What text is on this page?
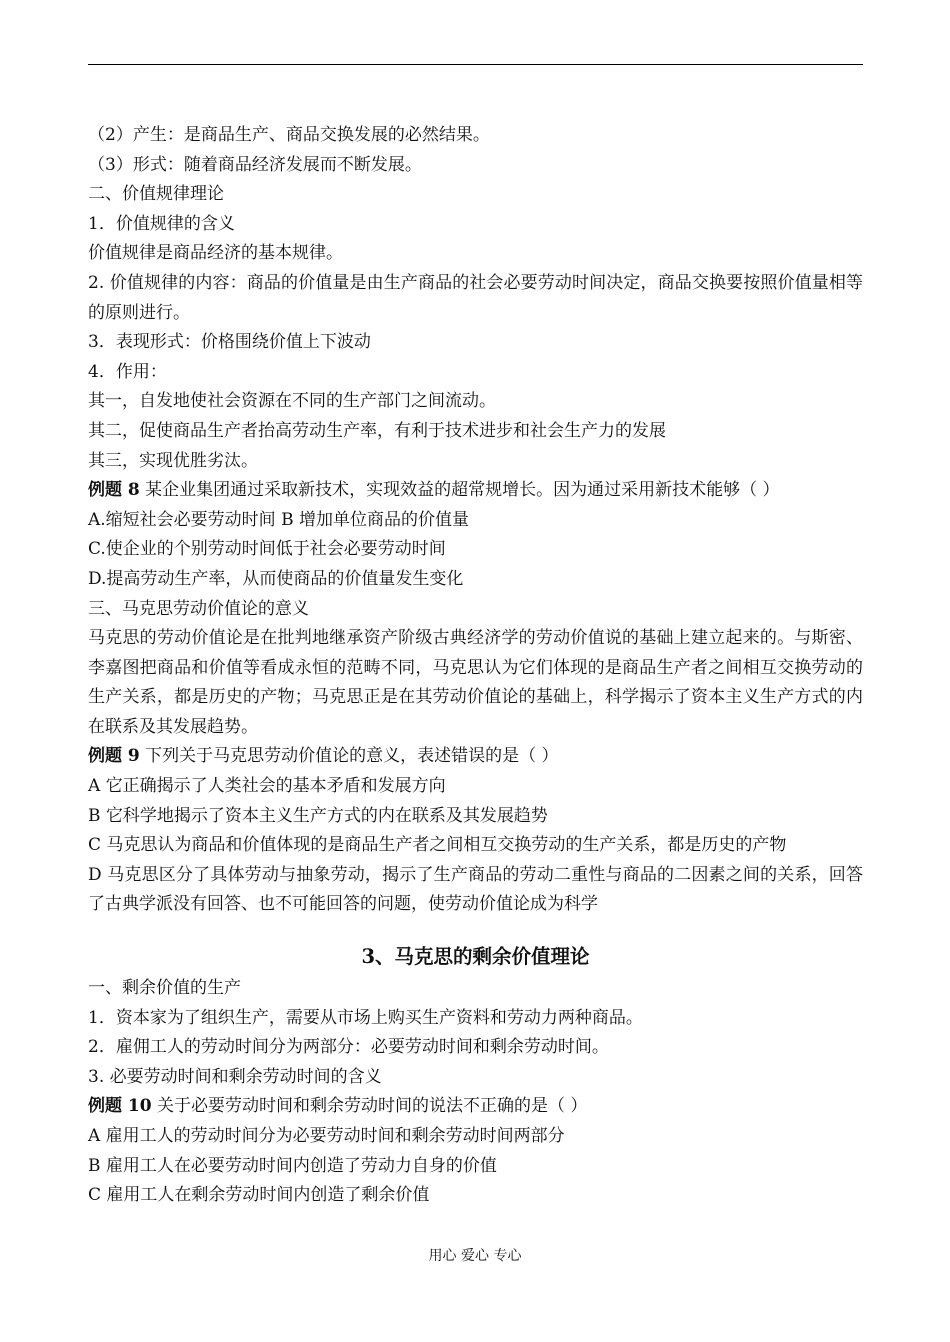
（2）产生：是商品生产、商品交换发展的必然结果。
（3）形式：随着商品经济发展而不断发展。
二、价值规律理论
1．价值规律的含义
价值规律是商品经济的基本规律。
2. 价值规律的内容：商品的价值量是由生产商品的社会必要劳动时间决定，商品交换要按照价值量相等的原则进行。
3．表现形式：价格围绕价值上下波动
4．作用：
其一，自发地使社会资源在不同的生产部门之间流动。
其二，促使商品生产者抬高劳动生产率，有利于技术进步和社会生产力的发展
其三，实现优胜劣汰。
例题 8 某企业集团通过采取新技术，实现效益的超常规增长。因为通过采用新技术能够（ ）
A.缩短社会必要劳动时间 B 增加单位商品的价值量
C.使企业的个别劳动时间低于社会必要劳动时间
D.提高劳动生产率，从而使商品的价值量发生变化
三、马克思劳动价值论的意义
马克思的劳动价值论是在批判地继承资产阶级古典经济学的劳动价值说的基础上建立起来的。与斯密、李嘉图把商品和价值等看成永恒的范畴不同，马克思认为它们体现的是商品生产者之间相互交换劳动的生产关系，都是历史的产物；马克思正是在其劳动价值论的基础上，科学揭示了资本主义生产方式的内在联系及其发展趋势。
例题 9 下列关于马克思劳动价值论的意义，表述错误的是（ ）
A 它正确揭示了人类社会的基本矛盾和发展方向
B 它科学地揭示了资本主义生产方式的内在联系及其发展趋势
C 马克思认为商品和价值体现的是商品生产者之间相互交换劳动的生产关系，都是历史的产物
D 马克思区分了具体劳动与抽象劳动，揭示了生产商品的劳动二重性与商品的二因素之间的关系，回答了古典学派没有回答、也不可能回答的问题，使劳动价值论成为科学
3、马克思的剩余价值理论
一、剩余价值的生产
1．资本家为了组织生产，需要从市场上购买生产资料和劳动力两种商品。
2．雇佣工人的劳动时间分为两部分：必要劳动时间和剩余劳动时间。
3. 必要劳动时间和剩余劳动时间的含义
例题 10 关于必要劳动时间和剩余劳动时间的说法不正确的是（ ）
A 雇用工人的劳动时间分为必要劳动时间和剩余劳动时间两部分
B 雇用工人在必要劳动时间内创造了劳动力自身的价值
C 雇用工人在剩余劳动时间内创造了剩余价值
用心 爱心 专心
